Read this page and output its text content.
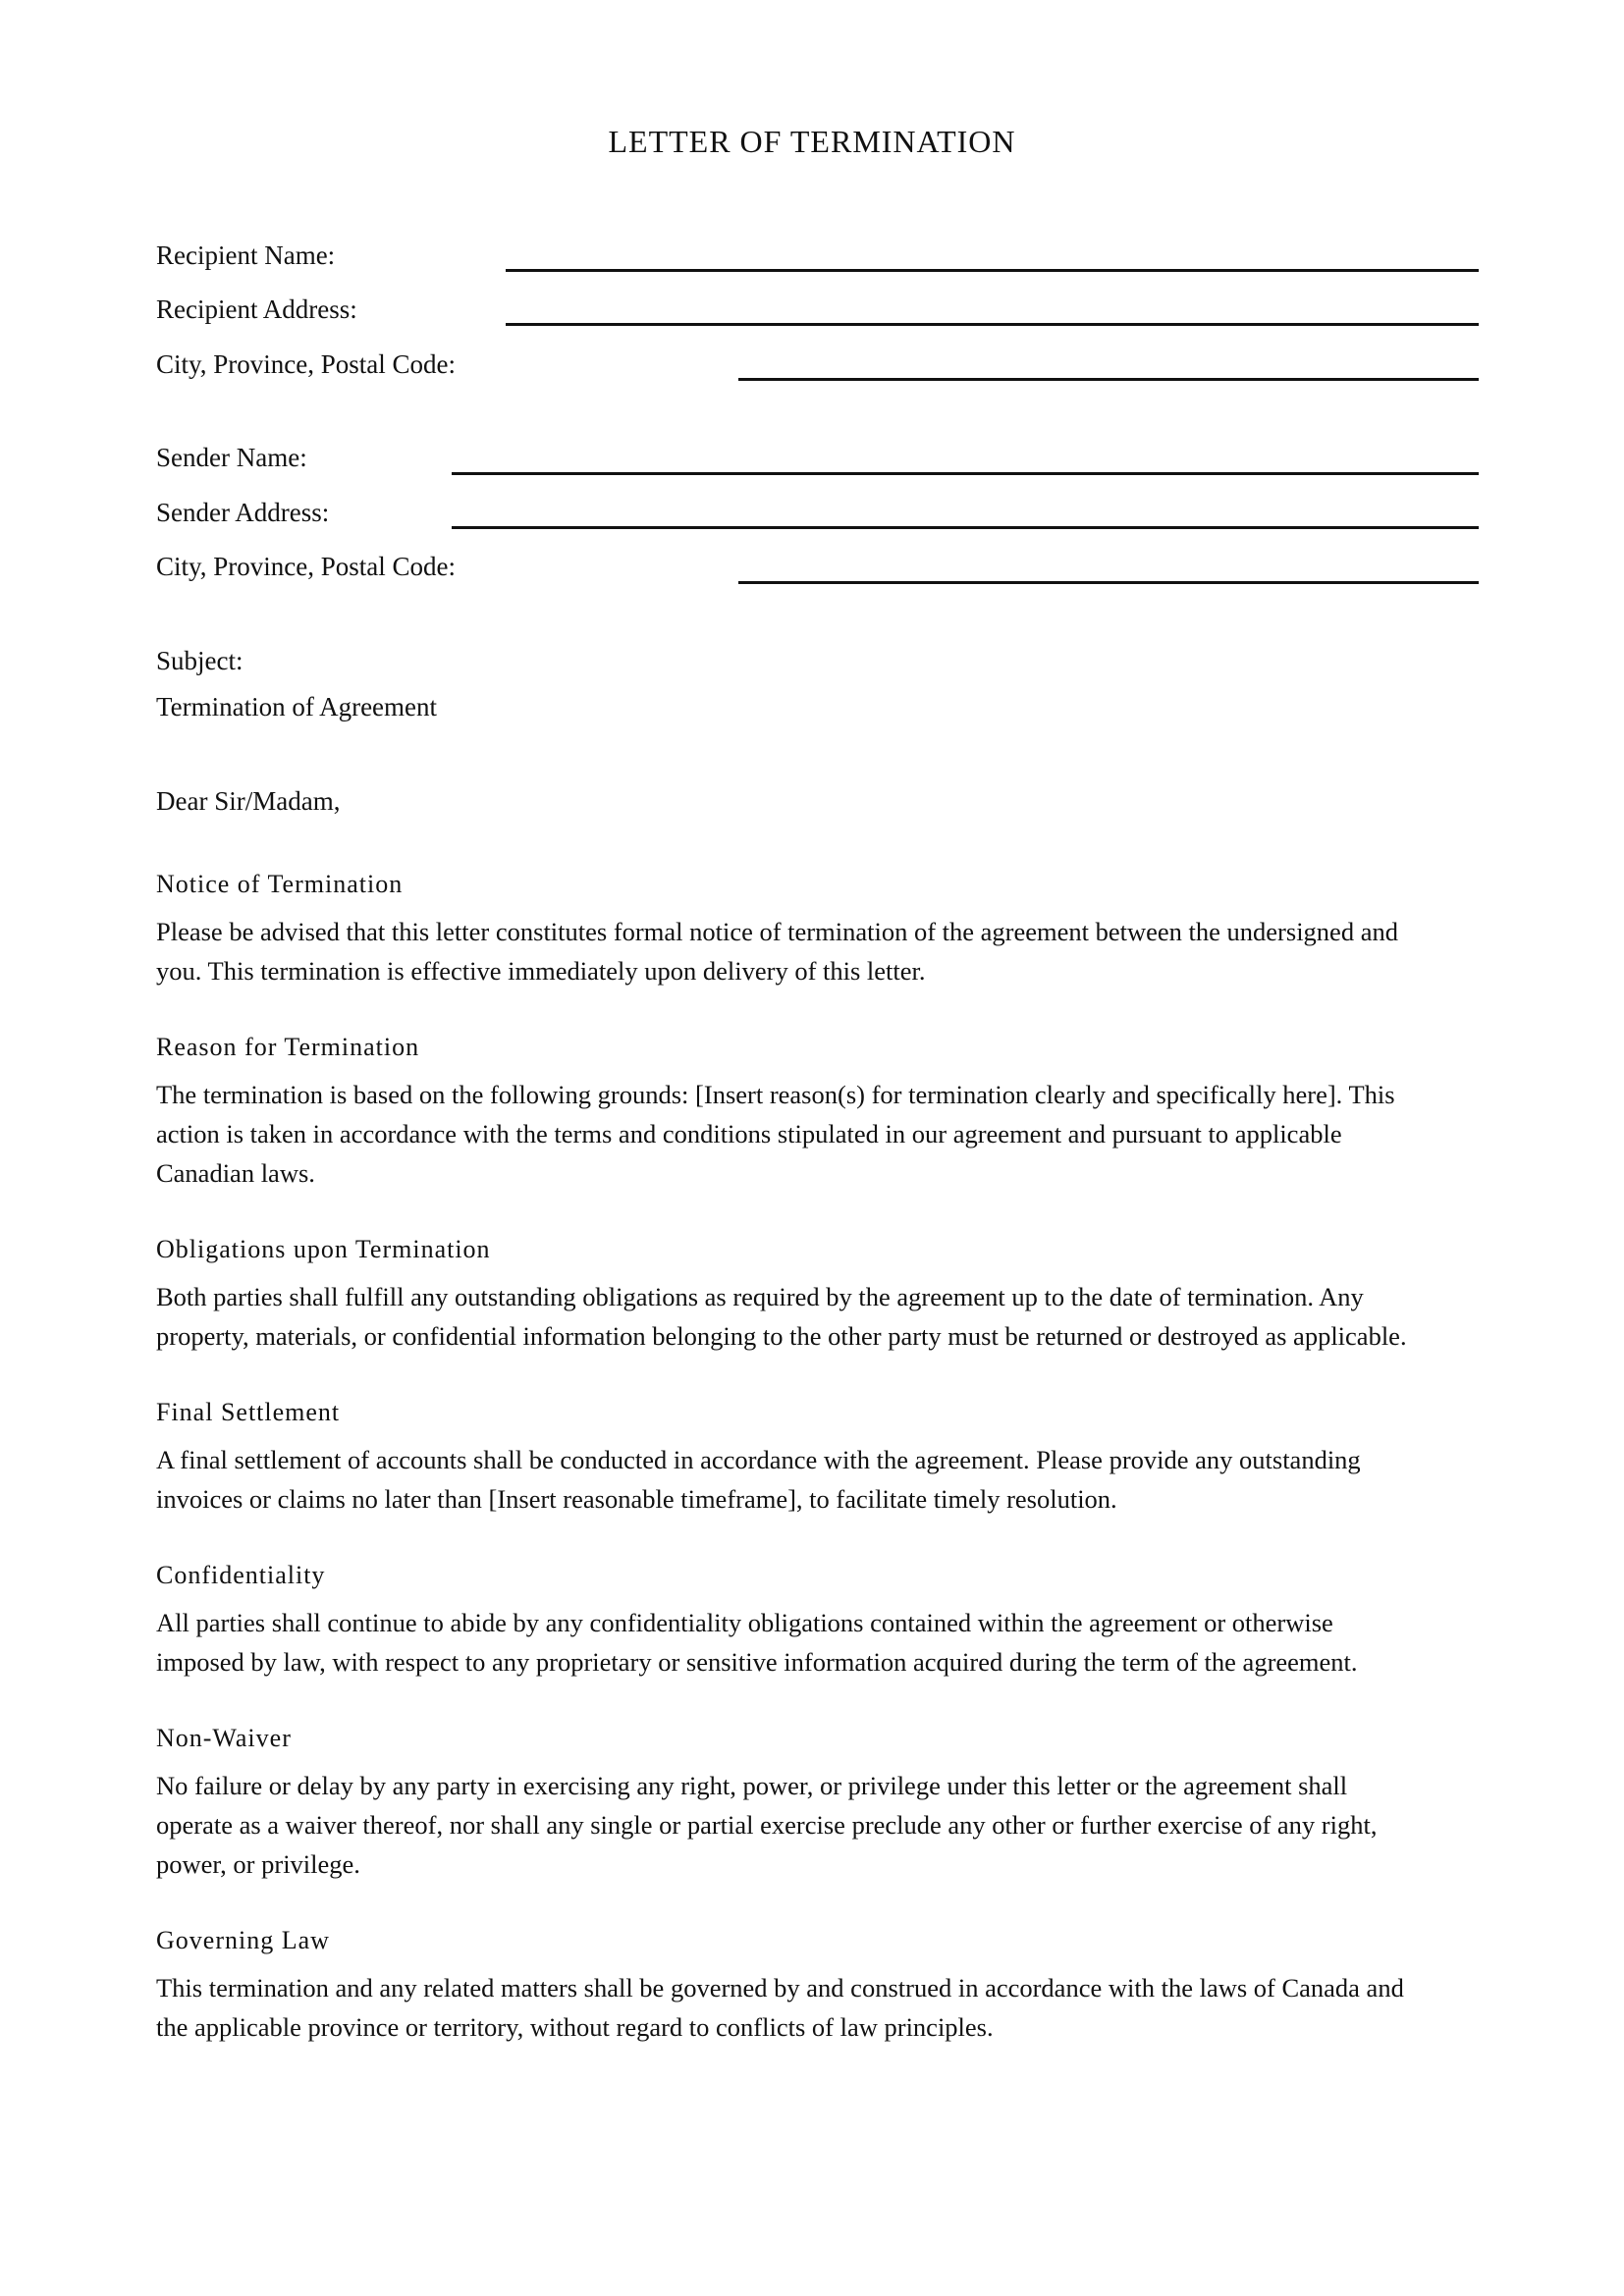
LETTER OF TERMINATION
Recipient Name:
Recipient Address:
City, Province, Postal Code:
Sender Name:
Sender Address:
City, Province, Postal Code:
Subject:
Termination of Agreement
Dear Sir/Madam,
Notice of Termination
Please be advised that this letter constitutes formal notice of termination of the agreement between the undersigned and
you. This termination is effective immediately upon delivery of this letter.
Reason for Termination
The termination is based on the following grounds: [Insert reason(s) for termination clearly and specifically here]. This
action is taken in accordance with the terms and conditions stipulated in our agreement and pursuant to applicable
Canadian laws.
Obligations upon Termination
Both parties shall fulfill any outstanding obligations as required by the agreement up to the date of termination. Any
property, materials, or confidential information belonging to the other party must be returned or destroyed as applicable.
Final Settlement
A final settlement of accounts shall be conducted in accordance with the agreement. Please provide any outstanding
invoices or claims no later than [Insert reasonable timeframe], to facilitate timely resolution.
Confidentiality
All parties shall continue to abide by any confidentiality obligations contained within the agreement or otherwise
imposed by law, with respect to any proprietary or sensitive information acquired during the term of the agreement.
Non-Waiver
No failure or delay by any party in exercising any right, power, or privilege under this letter or the agreement shall
operate as a waiver thereof, nor shall any single or partial exercise preclude any other or further exercise of any right,
power, or privilege.
Governing Law
This termination and any related matters shall be governed by and construed in accordance with the laws of Canada and
the applicable province or territory, without regard to conflicts of law principles.
